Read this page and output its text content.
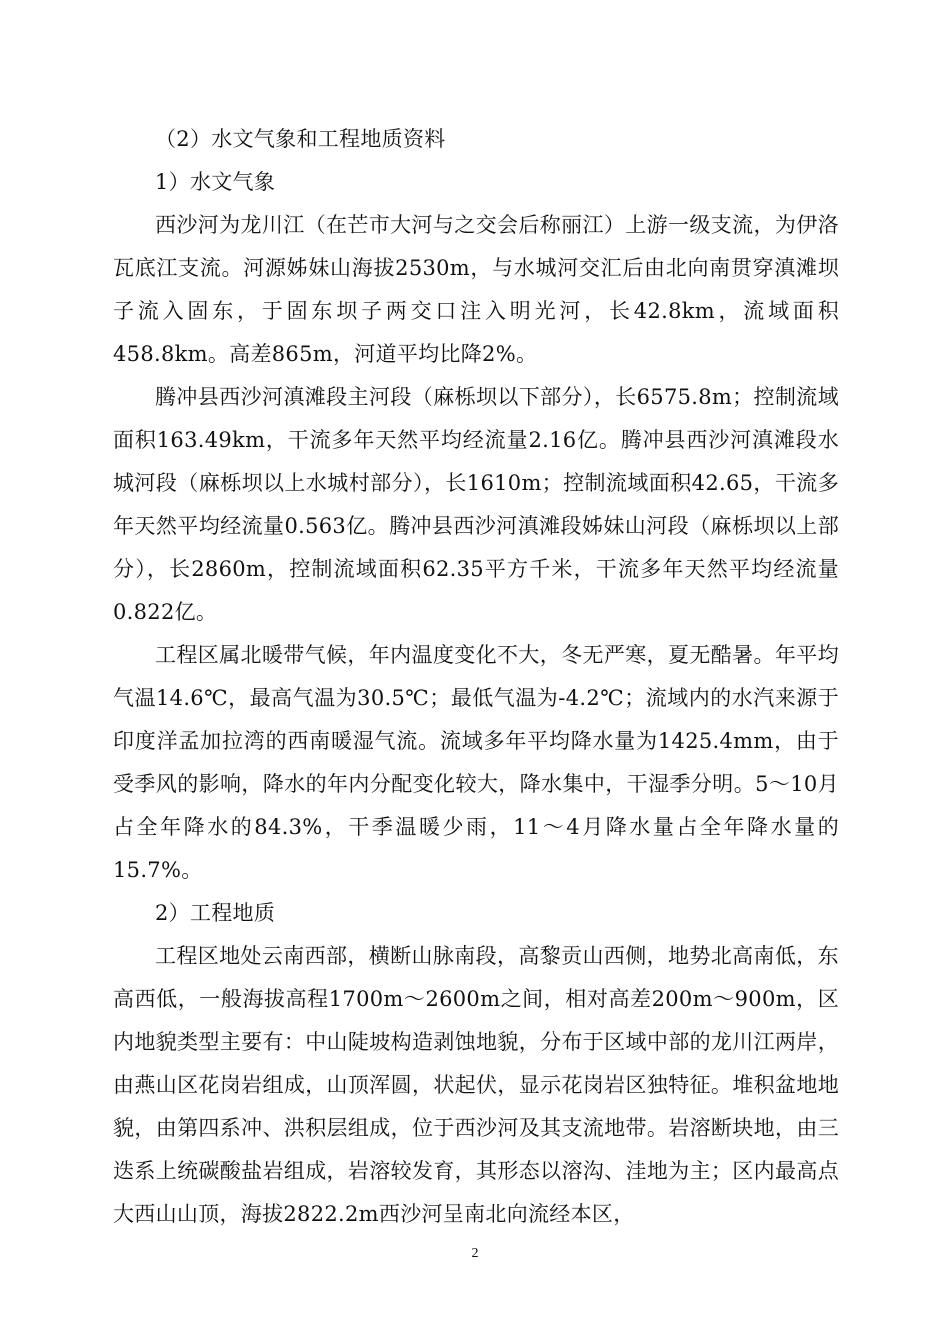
（2）水文气象和工程地质资料

1）水文气象

西沙河为龙川江（在芒市大河与之交会后称丽江）上游一级支流，为伊洛瓦底江支流。河源姊妹山海拔2530m，与水城河交汇后由北向南贯穿滇滩坝子流入固东，于固东坝子两交口注入明光河，长42.8km，流域面积458.8km。高差865m，河道平均比降2%。

腾冲县西沙河滇滩段主河段（麻栎坝以下部分），长6575.8m；控制流域面积163.49km，干流多年天然平均经流量2.16亿。腾冲县西沙河滇滩段水城河段（麻栎坝以上水城村部分），长1610m；控制流域面积42.65，干流多年天然平均经流量0.563亿。腾冲县西沙河滇滩段姊妹山河段（麻栎坝以上部分），长2860m，控制流域面积62.35平方千米，干流多年天然平均经流量0.822亿。

工程区属北暖带气候，年内温度变化不大，冬无严寒，夏无酷暑。年平均气温14.6℃，最高气温为30.5℃；最低气温为-4.2℃；流域内的水汽来源于印度洋孟加拉湾的西南暖湿气流。流域多年平均降水量为1425.4mm，由于受季风的影响，降水的年内分配变化较大，降水集中，干湿季分明。5～10月占全年降水的84.3%，干季温暖少雨，11～4月降水量占全年降水量的15.7%。

2）工程地质

工程区地处云南西部，横断山脉南段，高黎贡山西侧，地势北高南低，东高西低，一般海拔高程1700m～2600m之间，相对高差200m～900m，区内地貌类型主要有：中山陡坡构造剥蚀地貌，分布于区域中部的龙川江两岸，由燕山区花岗岩组成，山顶浑圆，状起伏，显示花岗岩区独特征。堆积盆地地貌，由第四系冲、洪积层组成，位于西沙河及其支流地带。岩溶断块地，由三迭系上统碳酸盐岩组成，岩溶较发育，其形态以溶沟、洼地为主；区内最高点大西山山顶，海拔2822.2m西沙河呈南北向流经本区，

2
